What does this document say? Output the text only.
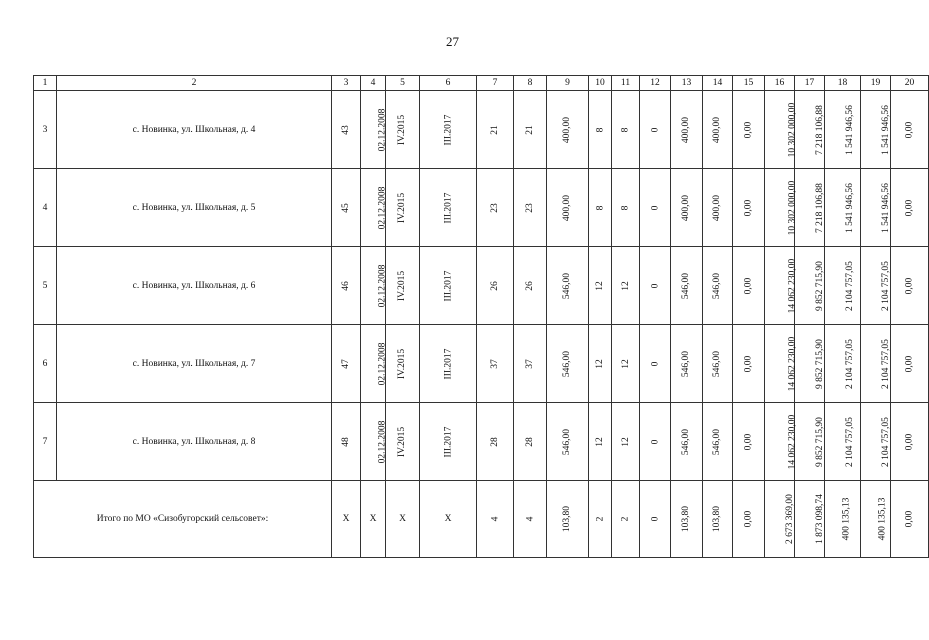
27
1	2	3	4	5	6	7	8	9	10	11	12	13	14	15	16	17	18	19	20
3	с. Новинка, ул. Школьная, д. 4	43	02.12.2008	IV.2015	III.2017	21	21	400,00	8	8	0	400,00	400,00	0,00	10 302 000,00	7 218 106,88	1 541 946,56	1 541 946,56	0,00
4	с. Новинка, ул. Школьная, д. 5	45	02.12.2008	IV.2015	III.2017	23	23	400,00	8	8	0	400,00	400,00	0,00	10 302 000,00	7 218 106,88	1 541 946,56	1 541 946,56	0,00
5	с. Новинка, ул. Школьная, д. 6	46	02.12.2008	IV.2015	III.2017	26	26	546,00	12	12	0	546,00	546,00	0,00	14 062 230,00	9 852 715,90	2 104 757,05	2 104 757,05	0,00
6	с. Новинка, ул. Школьная, д. 7	47	02.12.2008	IV.2015	III.2017	37	37	546,00	12	12	0	546,00	546,00	0,00	14 062 230,00	9 852 715,90	2 104 757,05	2 104 757,05	0,00
7	с. Новинка, ул. Школьная, д. 8	48	02.12.2008	IV.2015	III.2017	28	28	546,00	12	12	0	546,00	546,00	0,00	14 062 230,00	9 852 715,90	2 104 757,05	2 104 757,05	0,00
Итого по МО «Сизобугорский сельсовет»:		Х	Х	Х	Х	4	4	103,80	2	2	0	103,80	103,80	0,00	2 673 369,00	1 873 098,74	400 135,13	400 135,13	0,00
